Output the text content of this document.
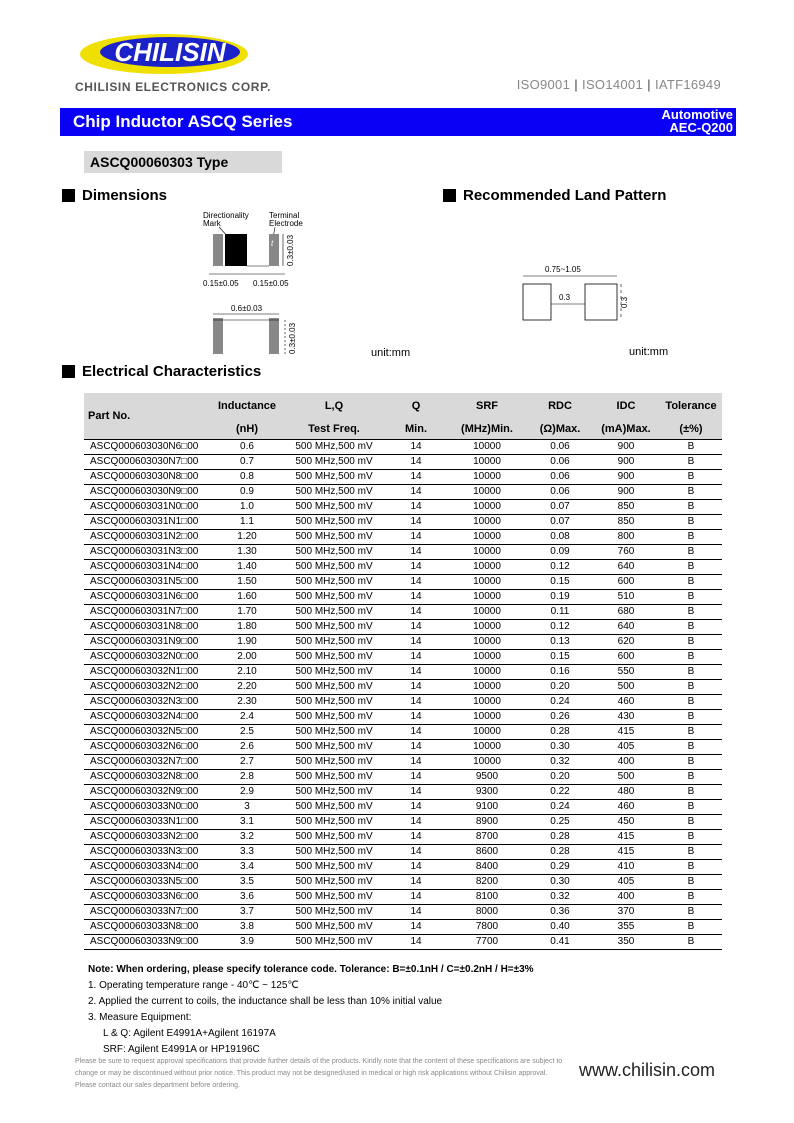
CHILISIN
CHILISIN ELECTRONICS CORP.	ISO9001 | ISO14001 | IATF16949
Chip Inductor ASCQ Series	Automotive
AEC-Q200
ASCQ00060303 Type
Dimensions	Recommended Land Pattern
Directionality
Mark
Terminal
Electrode
t 0.3±0.03
0.15±0.05 0.15±0.05
0.6±0.03
0.3±0.03	unit:mm
0.75~1.05
0.3	0.3
unit:mm
Electrical Characteristics
Part No.	Inductance	L,Q	Q	SRF	RDC	IDC	Tolerance
	(nH)	Test Freq.	Min.	(MHz)Min.	(Ω)Max.	(mA)Max.	(±%)
ASCQ000603030N6□00	0.6	500 MHz,500 mV	14	10000	0.06	900	B
ASCQ000603030N7□00	0.7	500 MHz,500 mV	14	10000	0.06	900	B
ASCQ000603030N8□00	0.8	500 MHz,500 mV	14	10000	0.06	900	B
ASCQ000603030N9□00	0.9	500 MHz,500 mV	14	10000	0.06	900	B
ASCQ000603031N0□00	1.0	500 MHz,500 mV	14	10000	0.07	850	B
ASCQ000603031N1□00	1.1	500 MHz,500 mV	14	10000	0.07	850	B
ASCQ000603031N2□00	1.20	500 MHz,500 mV	14	10000	0.08	800	B
ASCQ000603031N3□00	1.30	500 MHz,500 mV	14	10000	0.09	760	B
ASCQ000603031N4□00	1.40	500 MHz,500 mV	14	10000	0.12	640	B
ASCQ000603031N5□00	1.50	500 MHz,500 mV	14	10000	0.15	600	B
ASCQ000603031N6□00	1.60	500 MHz,500 mV	14	10000	0.19	510	B
ASCQ000603031N7□00	1.70	500 MHz,500 mV	14	10000	0.11	680	B
ASCQ000603031N8□00	1.80	500 MHz,500 mV	14	10000	0.12	640	B
ASCQ000603031N9□00	1.90	500 MHz,500 mV	14	10000	0.13	620	B
ASCQ000603032N0□00	2.00	500 MHz,500 mV	14	10000	0.15	600	B
ASCQ000603032N1□00	2.10	500 MHz,500 mV	14	10000	0.16	550	B
ASCQ000603032N2□00	2.20	500 MHz,500 mV	14	10000	0.20	500	B
ASCQ000603032N3□00	2.30	500 MHz,500 mV	14	10000	0.24	460	B
ASCQ000603032N4□00	2.4	500 MHz,500 mV	14	10000	0.26	430	B
ASCQ000603032N5□00	2.5	500 MHz,500 mV	14	10000	0.28	415	B
ASCQ000603032N6□00	2.6	500 MHz,500 mV	14	10000	0.30	405	B
ASCQ000603032N7□00	2.7	500 MHz,500 mV	14	10000	0.32	400	B
ASCQ000603032N8□00	2.8	500 MHz,500 mV	14	9500	0.20	500	B
ASCQ000603032N9□00	2.9	500 MHz,500 mV	14	9300	0.22	480	B
ASCQ000603033N0□00	3	500 MHz,500 mV	14	9100	0.24	460	B
ASCQ000603033N1□00	3.1	500 MHz,500 mV	14	8900	0.25	450	B
ASCQ000603033N2□00	3.2	500 MHz,500 mV	14	8700	0.28	415	B
ASCQ000603033N3□00	3.3	500 MHz,500 mV	14	8600	0.28	415	B
ASCQ000603033N4□00	3.4	500 MHz,500 mV	14	8400	0.29	410	B
ASCQ000603033N5□00	3.5	500 MHz,500 mV	14	8200	0.30	405	B
ASCQ000603033N6□00	3.6	500 MHz,500 mV	14	8100	0.32	400	B
ASCQ000603033N7□00	3.7	500 MHz,500 mV	14	8000	0.36	370	B
ASCQ000603033N8□00	3.8	500 MHz,500 mV	14	7800	0.40	355	B
ASCQ000603033N9□00	3.9	500 MHz,500 mV	14	7700	0.41	350	B
Note: When ordering, please specify tolerance code. Tolerance: B=±0.1nH / C=±0.2nH / H=±3%
1. Operating temperature range - 40℃ ~ 125℃
2. Applied the current to coils, the inductance shall be less than 10% initial value
3. Measure Equipment:
L & Q: Agilent E4991A+Agilent 16197A
SRF: Agilent E4991A or HP19196C
Please be sure to request approval specifications that provide further details of the products. Kindly note that the content of these specifications are subject to change or may be discontinued without prior notice. This product may not be designed/used in medical or high risk applications without Chilisin approval. Please contact our sales department before ordering.
www.chilisin.com
